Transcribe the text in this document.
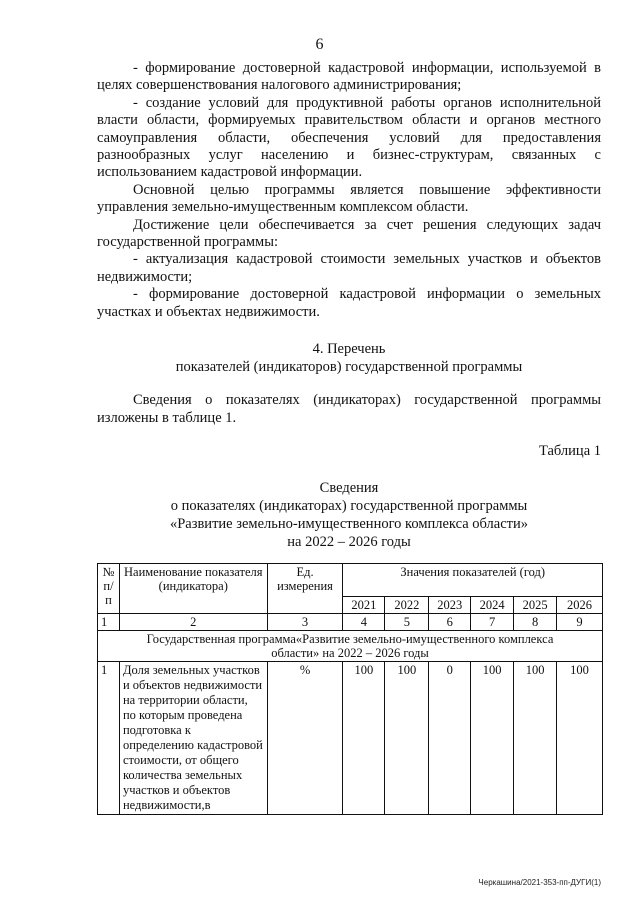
6

- формирование достоверной кадастровой информации, используемой в целях совершенствования налогового администрирования;

- создание условий для продуктивной работы органов исполнительной власти области, формируемых правительством области и органов местного самоуправления области, обеспечения условий для предоставления разнообразных услуг населению и бизнес-структурам, связанных с использованием кадастровой информации.

Основной целью программы является повышение эффективности управления земельно-имущественным комплексом области.

Достижение цели обеспечивается за счет решения следующих задач государственной программы:

- актуализация кадастровой стоимости земельных участков и объектов недвижимости;

- формирование достоверной кадастровой информации о земельных участках и объектах недвижимости.

4. Перечень
показателей (индикаторов) государственной программы
Сведения о показателях (индикаторах) государственной программы изложены в таблице 1.
Таблица 1
Сведения
о показателях (индикаторах) государственной программы
«Развитие земельно-имущественного комплекса области»
на 2022 – 2026 годы
№ п/ п	Наименование показателя (индикатора)	Ед. измерения	Значения показателей (год)					
			2021	2022	2023	2024	2025	2026
1	2	3	4	5	6	7	8	9
Государственная программа«Развитие земельно-имущественного комплекса области» на 2022 – 2026 годы								
1	Доля земельных участков и объектов недвижимости на территории области, по которым проведена подготовка к определению кадастровой стоимости, от общего количества земельных участков и объектов недвижимости,в	%	100	100	0	100	100	100
Черкашина/2021-353-пп-ДУГИ(1)
